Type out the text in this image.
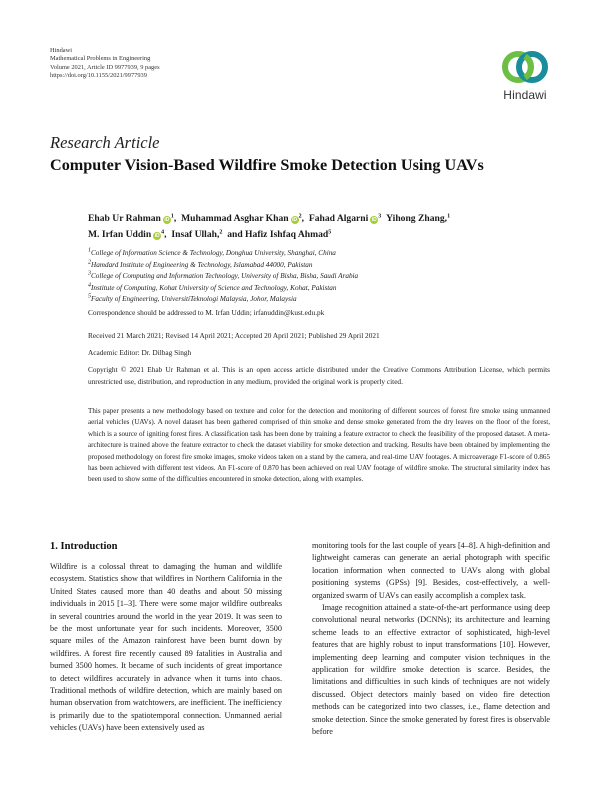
Hindawi
Mathematical Problems in Engineering
Volume 2021, Article ID 9977939, 9 pages
https://doi.org/10.1155/2021/9977939
Hindawi
Research Article
Computer Vision-Based Wildfire Smoke Detection Using UAVs
Ehab Ur Rahman $iD^1$, Muhammad Asghar Khan $iD^2$, Fahad Algarni $iD^3$ Yihong Zhang,$^1$
M. Irfan Uddin $iD^4$, Insaf Ullah,$^2$ and Hafiz Ishfaq Ahmad$^5$
$^1$College of Information Science & Technology, Donghua University, Shanghai, China
$^2$Hamdard Institute of Engineering & Technology, Islamabad 44000, Pakistan
$^3$College of Computing and Information Technology, University of Bisha, Bisha, Saudi Arabia
$^4$Institute of Computing, Kohat University of Science and Technology, Kohat, Pakistan
$^5$Faculty of Engineering, UniversitiTeknologi Malaysia, Johor, Malaysia
Correspondence should be addressed to M. Irfan Uddin; irfanuddin@kust.edu.pk
Received 21 March 2021; Revised 14 April 2021; Accepted 20 April 2021; Published 29 April 2021
Academic Editor: Dr. Dilbag Singh
Copyright © 2021 Ehab Ur Rahman et al. This is an open access article distributed under the Creative Commons Attribution License, which permits unrestricted use, distribution, and reproduction in any medium, provided the original work is properly cited.
This paper presents a new methodology based on texture and color for the detection and monitoring of different sources of forest fire smoke using unmanned aerial vehicles (UAVs). A novel dataset has been gathered comprised of thin smoke and dense smoke generated from the dry leaves on the floor of the forest, which is a source of igniting forest fires. A classification task has been done by training a feature extractor to check the feasibility of the proposed dataset. A meta-architecture is trained above the feature extractor to check the dataset viability for smoke detection and tracking. Results have been obtained by implementing the proposed methodology on forest fire smoke images, smoke videos taken on a stand by the camera, and real-time UAV footages. A microaverage F1-score of 0.865 has been achieved with different test videos. An F1-score of 0.870 has been achieved on real UAV footage of wildfire smoke. The structural similarity index has been used to show some of the difficulties encountered in smoke detection, along with examples.
1. Introduction

Wildfire is a colossal threat to damaging the human and wildlife ecosystem. Statistics show that wildfires in Northern California in the United States caused more than 40 deaths and about 50 missing individuals in 2015 [1–3]. There were some major wildfire outbreaks in several countries around the world in the year 2019. It was seen to be the most unfortunate year for such incidents. Moreover, 3500 square miles of the Amazon rainforest have been burnt down by wildfires. A forest fire recently caused 89 fatalities in Australia and burned 3500 homes. It became of such incidents of great importance to detect wildfires accurately in advance when it turns into chaos. Traditional methods of wildfire detection, which are mainly based on human observation from watchtowers, are inefficient. The inefficiency is primarily due to the spatiotemporal connection. Unmanned aerial vehicles (UAVs) have been extensively used as

monitoring tools for the last couple of years [4–8]. A high-definition and lightweight cameras can generate an aerial photograph with specific location information when connected to UAVs along with global positioning systems (GPSs) [9]. Besides, cost-effectively, a well-organized swarm of UAVs can easily accomplish a complex task.

Image recognition attained a state-of-the-art performance using deep convolutional neural networks (DCNNs); its architecture and learning scheme leads to an effective extractor of sophisticated, high-level features that are highly robust to input transformations [10]. However, implementing deep learning and computer vision techniques in the application for wildfire smoke detection is scarce. Besides, the limitations and difficulties in such kinds of techniques are not widely discussed. Object detectors mainly based on video fire detection methods can be categorized into two classes, i.e., flame detection and smoke detection. Since the smoke generated by forest fires is observable before
